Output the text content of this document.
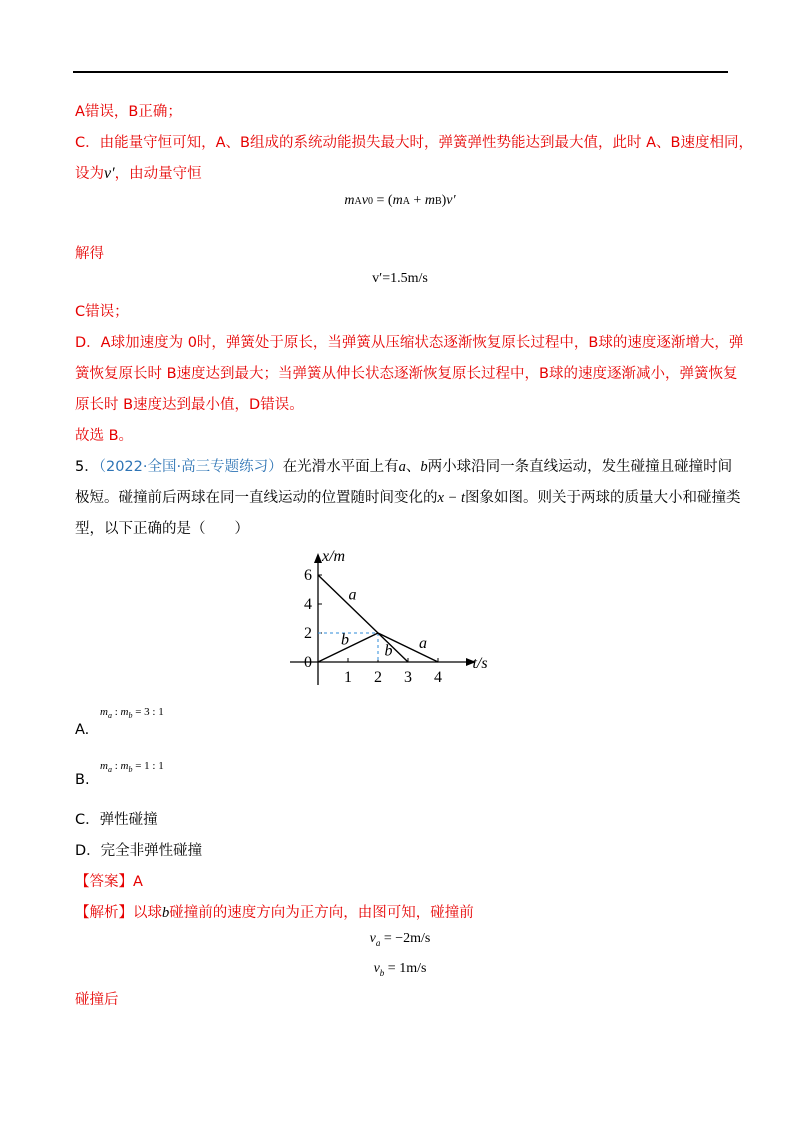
A错误，B正确；
C．由能量守恒可知，A、B组成的系统动能损失最大时，弹簧弹性势能达到最大值，此时 A、B速度相同，
设为v′，由动量守恒
mAv0 = (mA + mB)v′
解得
v′=1.5m/s
C错误；
D．A球加速度为 0时，弹簧处于原长，当弹簧从压缩状态逐渐恢复原长过程中，B球的速度逐渐增大，弹
簧恢复原长时 B速度达到最大；当弹簧从伸长状态逐渐恢复原长过程中，B球的速度逐渐减小，弹簧恢复
原长时 B速度达到最小值，D错误。
故选 B。
5．（2022·全国·高三专题练习）在光滑水平面上有a、b两小球沿同一条直线运动，发生碰撞且碰撞时间
极短。碰撞前后两球在同一直线运动的位置随时间变化的x − t图象如图。则关于两球的质量大小和碰撞类
型，以下正确的是（　　）
6
4
2
0
1 2 3 4
a
b
b a
x/m
t/s
A.
$m_a$ : $m_b = 3$ : 1
B.
$m_a$ : $m_b = 1$ : 1
C．弹性碰撞
D．完全非弹性碰撞
【答案】A
【解析】以球b碰撞前的速度方向为正方向，由图可知，碰撞前
$v_a = -2m/s$
$v_b = 1m/s$
碰撞后
